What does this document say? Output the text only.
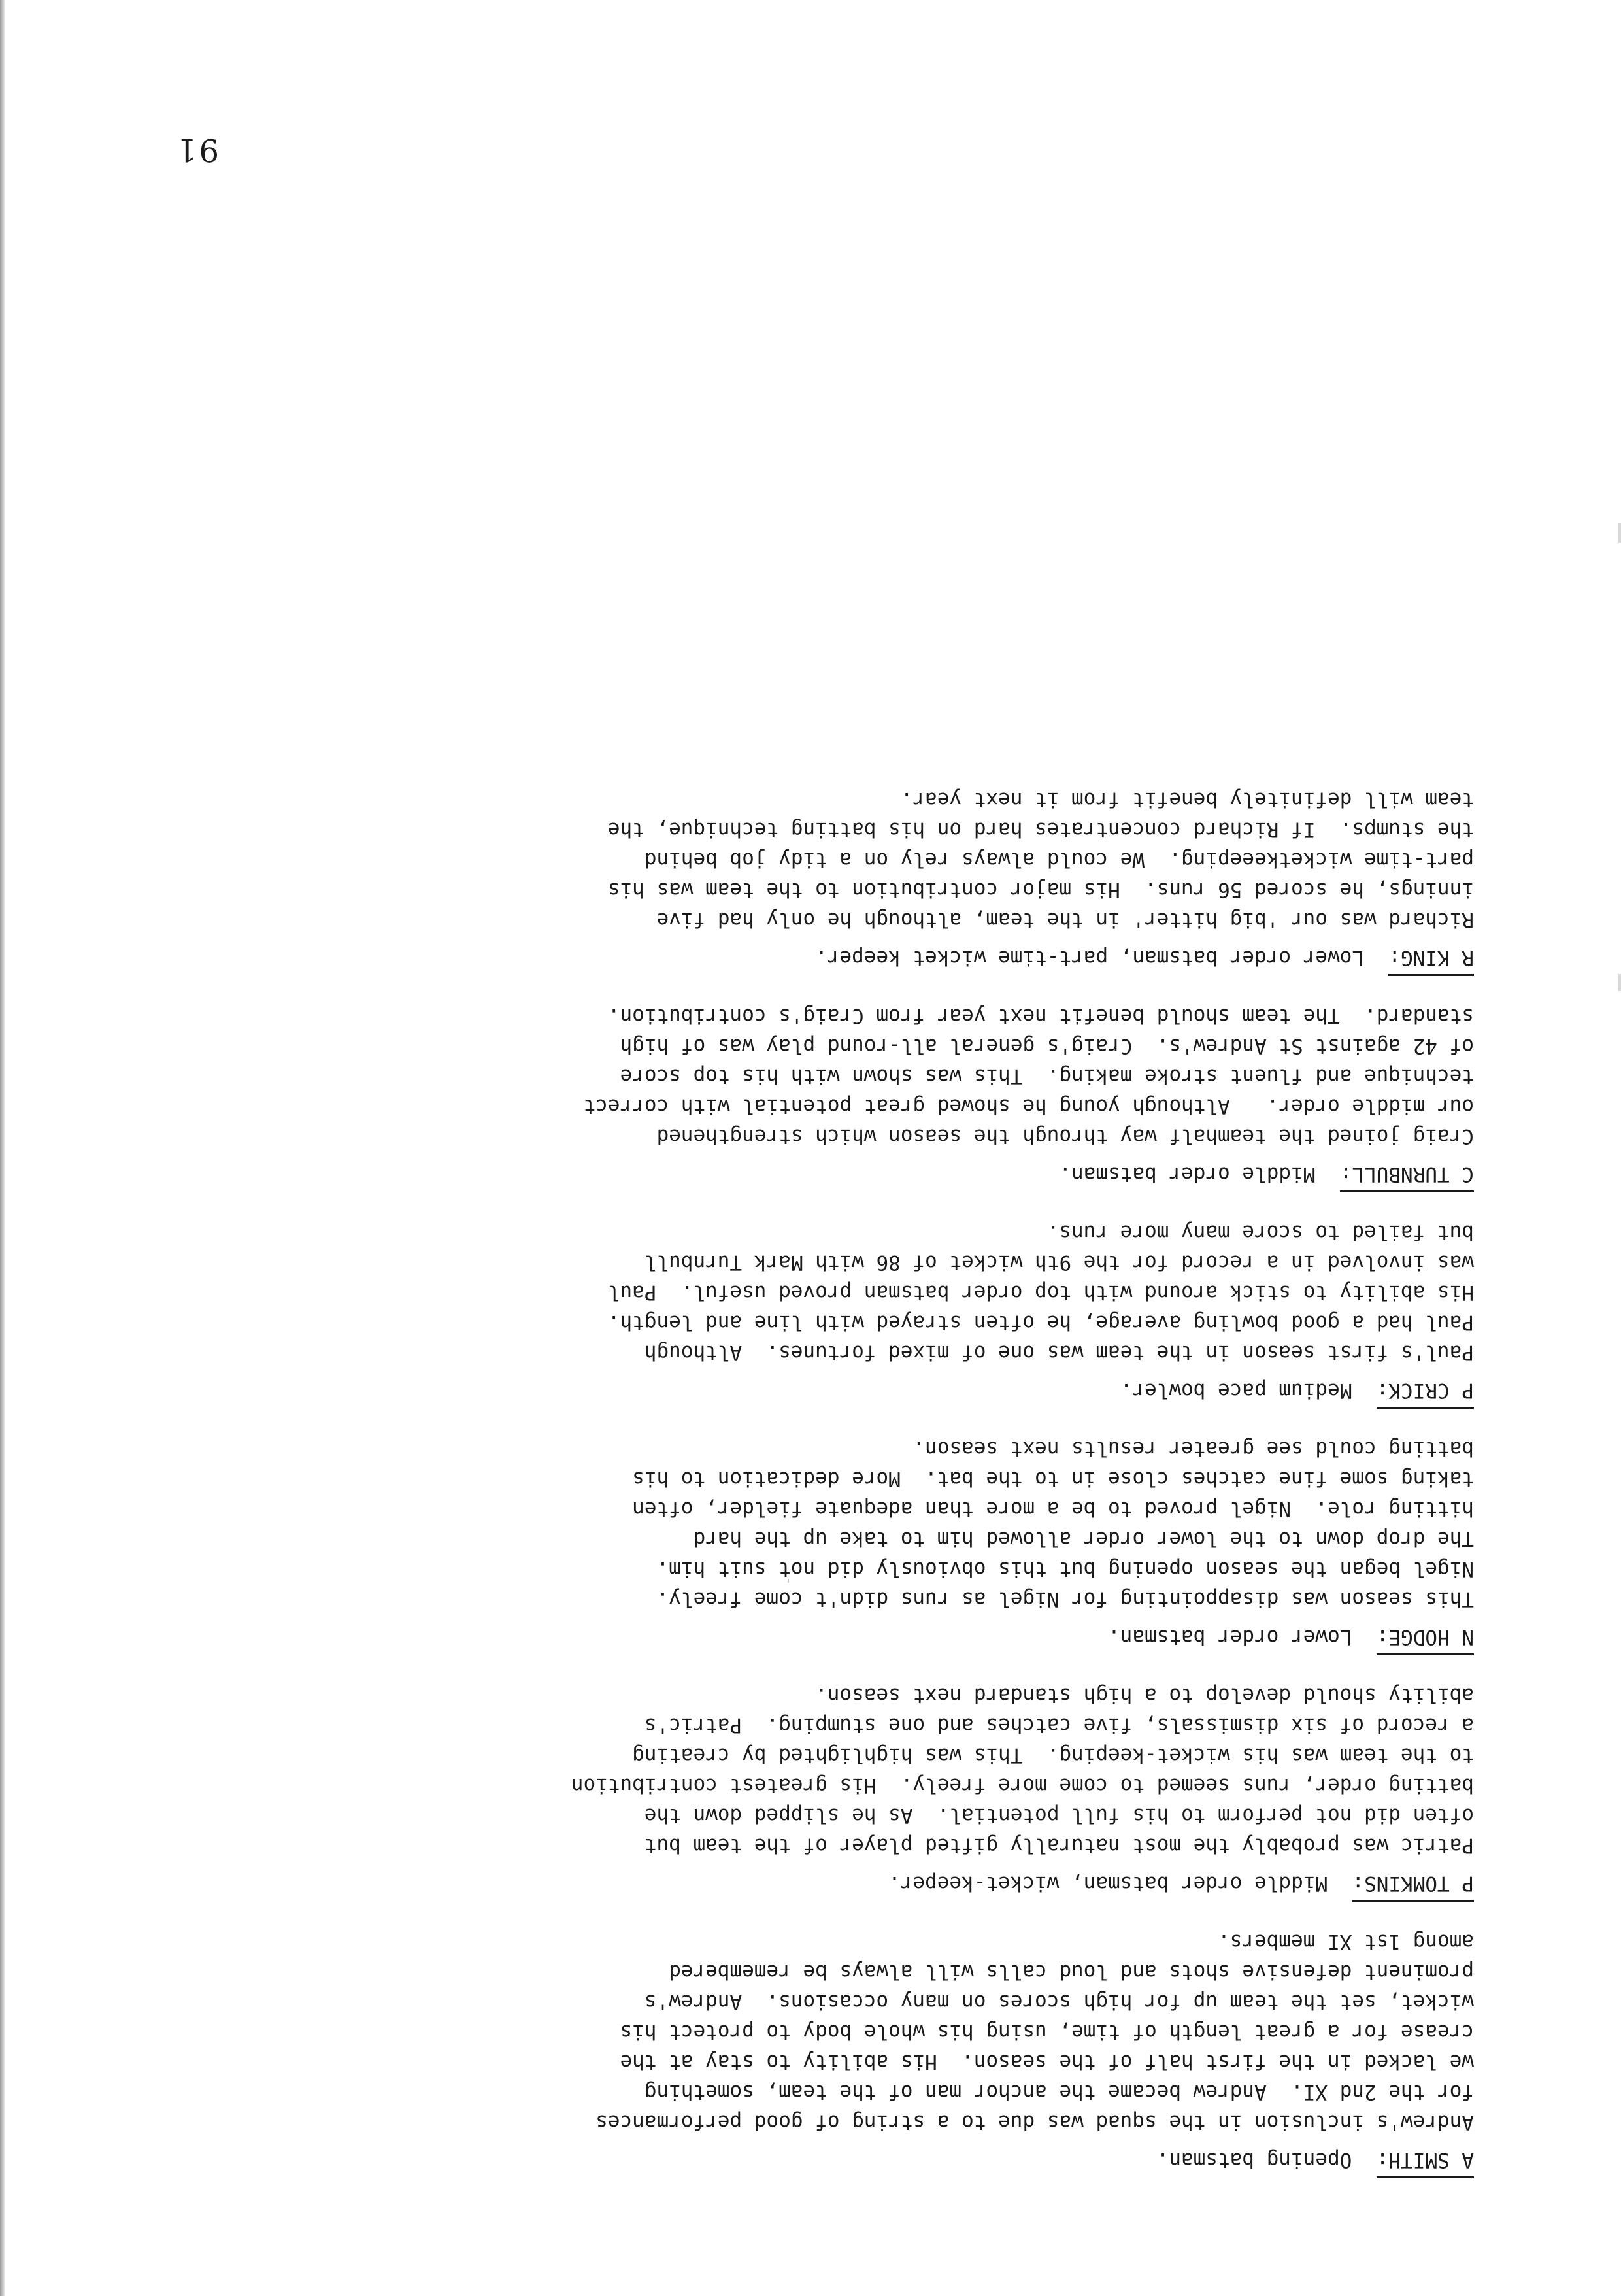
91
A SMITH:  Opening batsman.
Andrew's inclusion in the squad was due to a string of good performances
for the 2nd XI.  Andrew became the anchor man of the team, something
we lacked in the first half of the season.  His ability to stay at the
crease for a great length of time, using his whole body to protect his
wicket, set the team up for high scores on many occasions.  Andrew's
prominent defensive shots and loud calls will always be remembered
among 1st XI members.
P TOMKINS:  Middle order batsman, wicket-keeper.
Patric was probably the most naturally gifted player of the team but
often did not perform to his full potential.  As he slipped down the
batting order, runs seemed to come more freely.  His greatest contribution
to the team was his wicket-keeping.  This was highlighted by creating
a record of six dismissals, five catches and one stumping.  Patric's
ability should develop to a high standard next season.
N HODGE:  Lower order batsman.
This season was disappointing for Nigel as runs didn't come freely.
Nigel began the season opening but this obviously did not suit him.
The drop down to the lower order allowed him to take up the hard
hitting role.  Nigel proved to be a more than adequate fielder, often
taking some fine catches close in to the bat.  More dedication to his
batting could see greater results next season.
P CRICK:  Medium pace bowler.
Paul's first season in the team was one of mixed fortunes.  Although
Paul had a good bowling average, he often strayed with line and length.
His ability to stick around with top order batsman proved useful.  Paul
was involved in a record for the 9th wicket of 86 with Mark Turnbull
but failed to score many more runs.
C TURNBULL:  Middle order batsman.
Craig joined the teamhalf way through the season which strengthened
our middle order.   Although young he showed great potential with correct
technique and fluent stroke making.  This was shown with his top score
of 42 against St Andrew's.  Craig's general all-round play was of high
standard.  The team should benefit next year from Craig's contribution.
R KING:  Lower order batsman, part-time wicket keeper.
Richard was our 'big hitter' in the team, although he only had five
innings, he scored 56 runs.  His major contribution to the team was his
part-time wicketkeeeping.  We could always rely on a tidy job behind
the stumps.  If Richard concentrates hard on his batting technique, the
team will definitely benefit from it next year.
